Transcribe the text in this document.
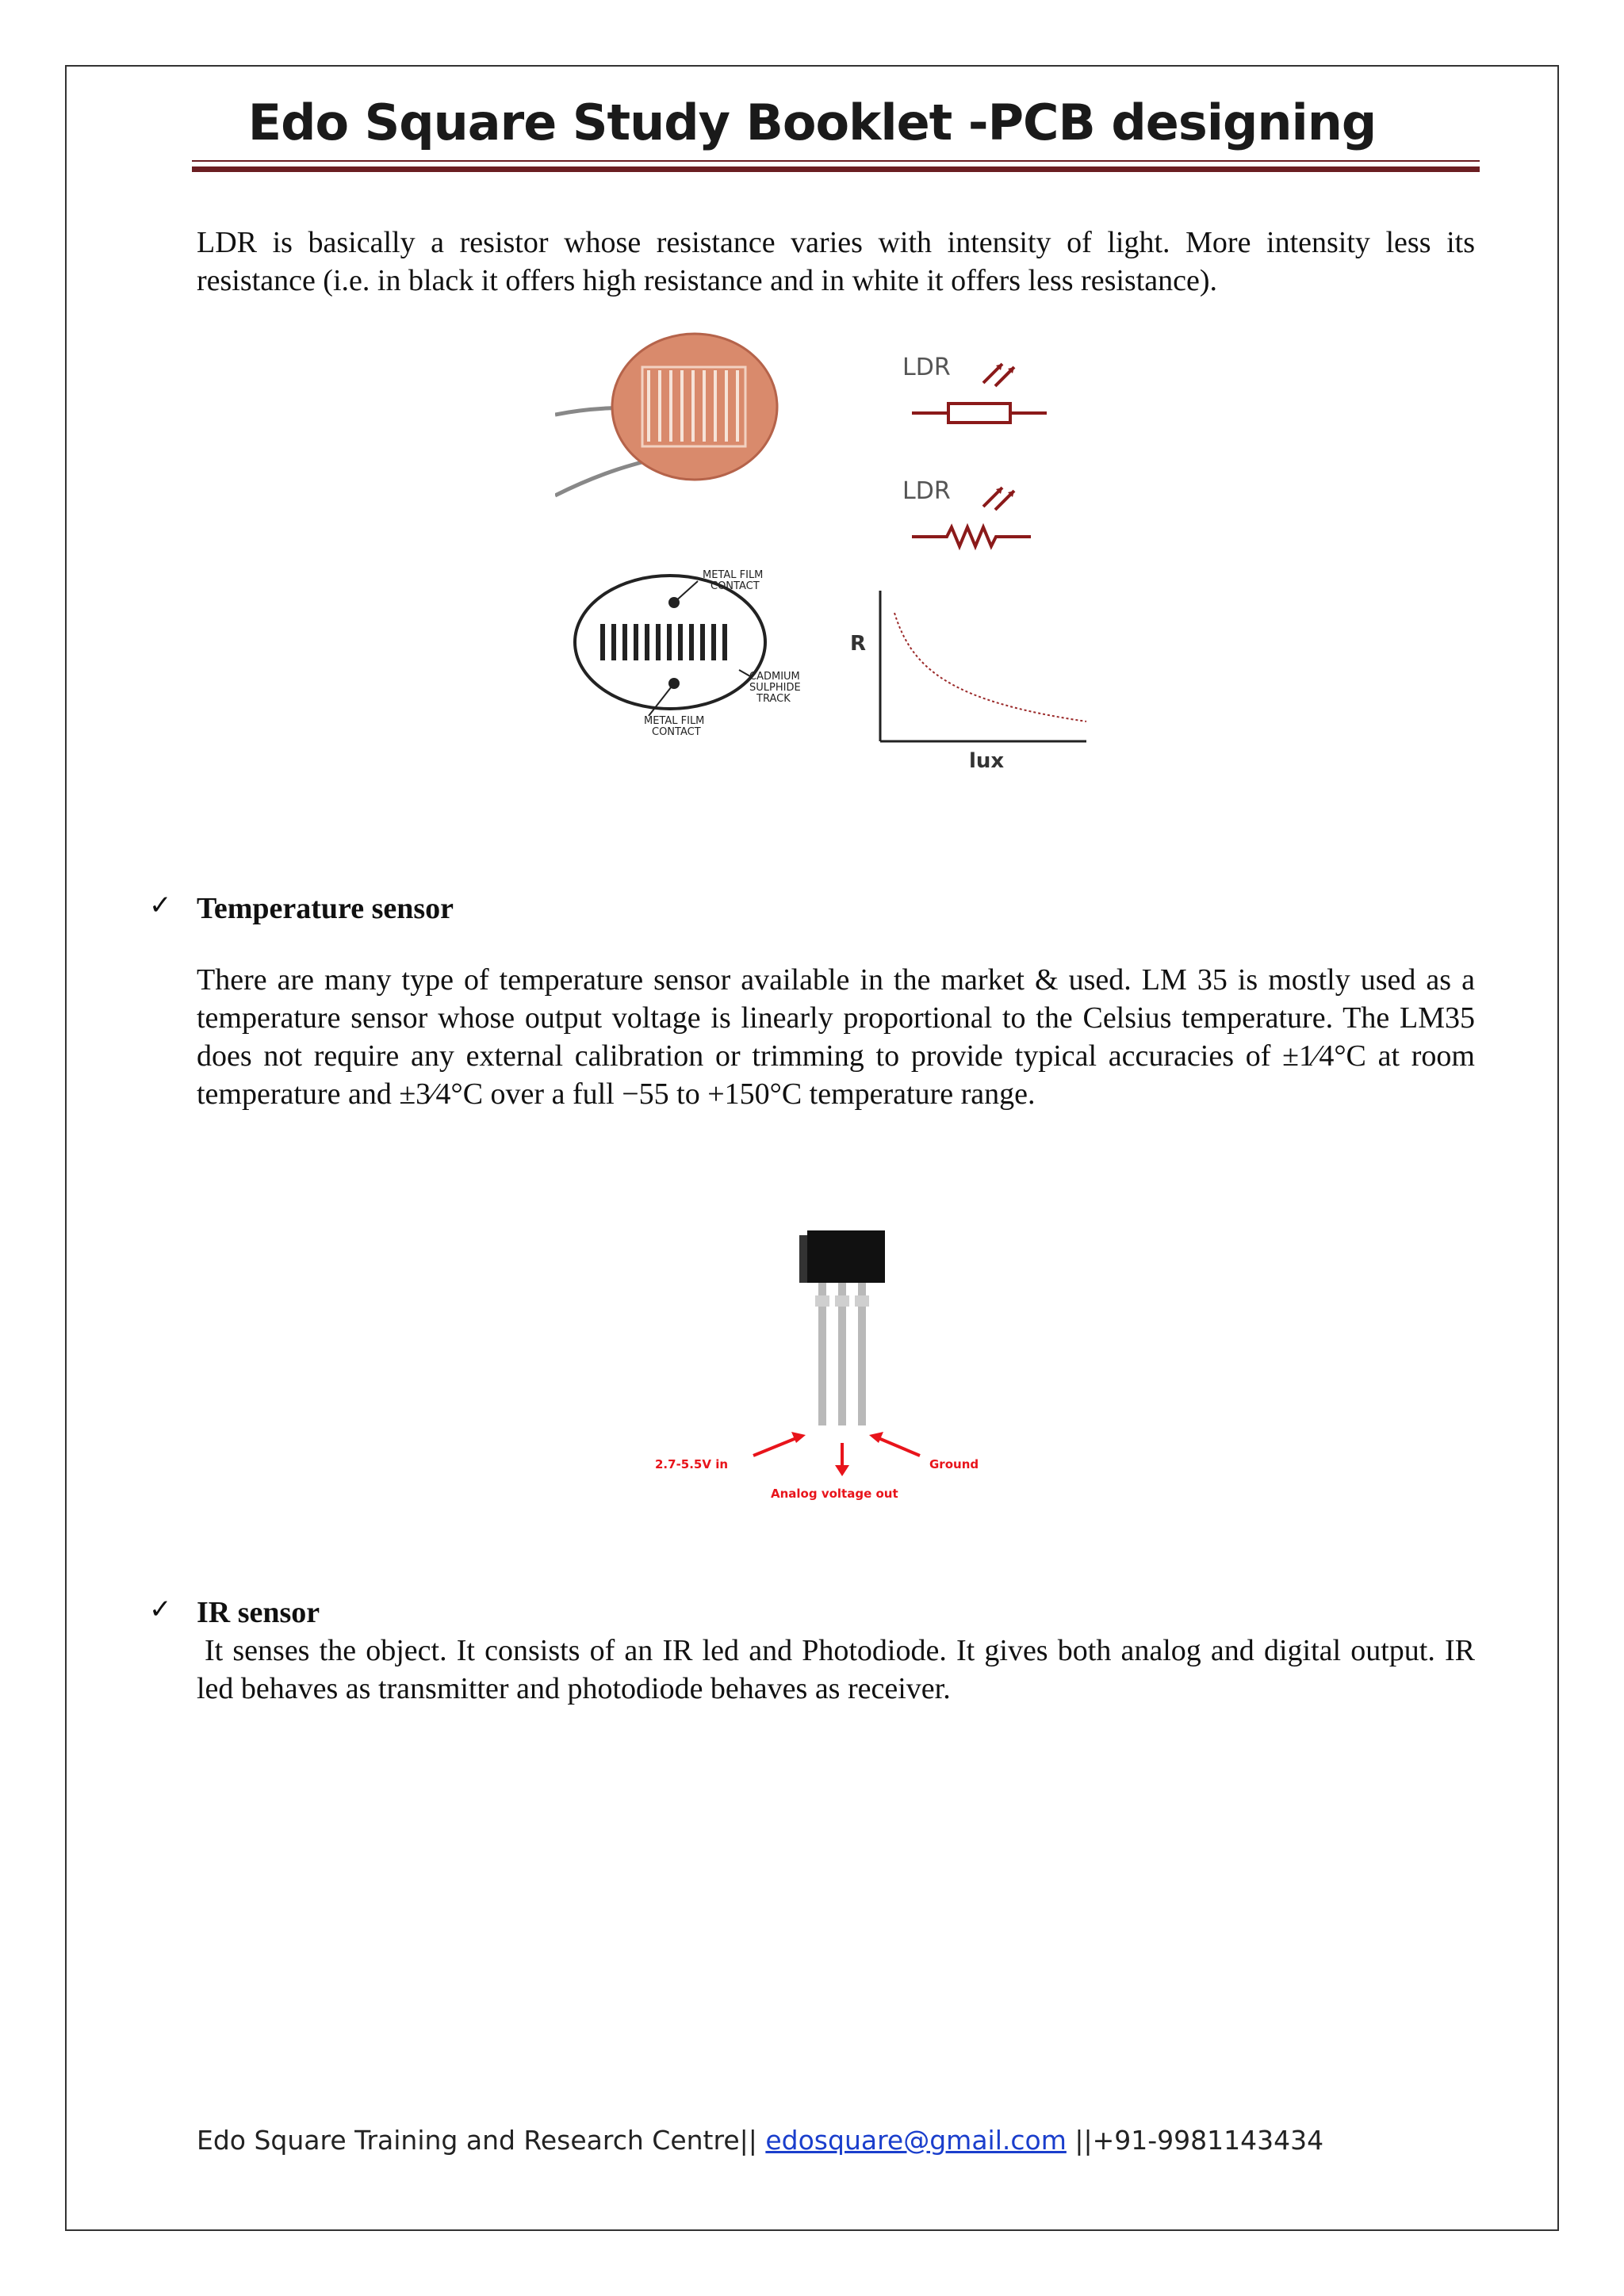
Edo Square Study Booklet -PCB designing

LDR is basically a resistor whose resistance varies with intensity of light. More intensity less its resistance (i.e. in black it offers high resistance and in white it offers less resistance).

LDR
LDR
METAL FILM
CONTACT
CADMIUM
SULPHIDE
TRACK
METAL FILM
CONTACT
R
lux
✓ Temperature sensor

There are many type of temperature sensor available in the market & used. LM 35 is mostly used as a temperature sensor whose output voltage is linearly proportional to the Celsius temperature. The LM35 does not require any external calibration or trimming to provide typical accuracies of ±1⁄4°C at room temperature and ±3⁄4°C over a full −55 to +150°C temperature range.

2.7-5.5V in
Analog voltage out
Ground
✓ IR sensor

It senses the object. It consists of an IR led and Photodiode. It gives both analog and digital output. IR led behaves as transmitter and photodiode behaves as receiver.

Edo Square Training and Research Centre|| edosquare@gmail.com ||+91-9981143434
